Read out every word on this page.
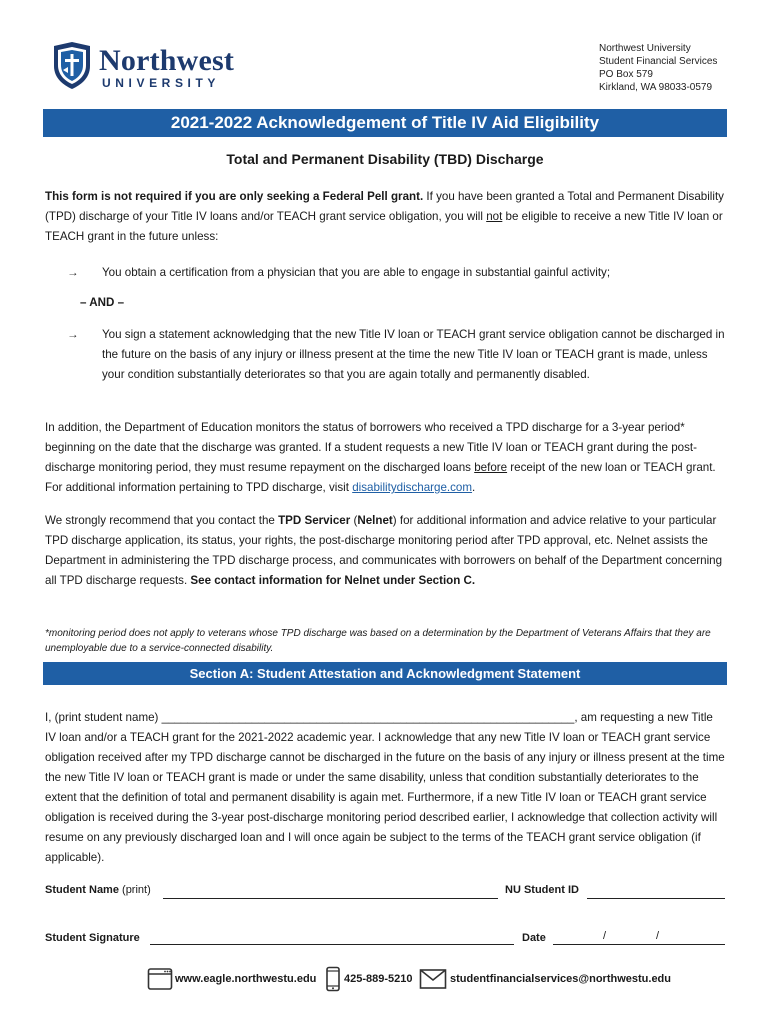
Northwest
UNIVERSITY
Northwest University
Student Financial Services
PO Box 579
Kirkland, WA 98033-0579
2021-2022 Acknowledgement of Title IV Aid Eligibility
Total and Permanent Disability (TBD) Discharge
This form is not required if you are only seeking a Federal Pell grant. If you have been granted a Total and Permanent Disability (TPD) discharge of your Title IV loans and/or TEACH grant service obligation, you will not be eligible to receive a new Title IV loan or TEACH grant in the future unless:
→	You obtain a certification from a physician that you are able to engage in substantial gainful activity;
– AND –
→	You sign a statement acknowledging that the new Title IV loan or TEACH grant service obligation cannot be discharged in the future on the basis of any injury or illness present at the time the new Title IV loan or TEACH grant is made, unless your condition substantially deteriorates so that you are again totally and permanently disabled.
In addition, the Department of Education monitors the status of borrowers who received a TPD discharge for a 3-year period* beginning on the date that the discharge was granted. If a student requests a new Title IV loan or TEACH grant during the post-discharge monitoring period, they must resume repayment on the discharged loans before receipt of the new loan or TEACH grant. For additional information pertaining to TPD discharge, visit disabilitydischarge.com.
We strongly recommend that you contact the TPD Servicer (Nelnet) for additional information and advice relative to your particular TPD discharge application, its status, your rights, the post-discharge monitoring period after TPD approval, etc. Nelnet assists the Department in administering the TPD discharge process, and communicates with borrowers on behalf of the Department concerning all TPD discharge requests. See contact information for Nelnet under Section C.
*monitoring period does not apply to veterans whose TPD discharge was based on a determination by the Department of Veterans Affairs that they are unemployable due to a service-connected disability.
Section A: Student Attestation and Acknowledgment Statement
I, (print student name) ________________________________________________________________, am requesting a new Title IV loan and/or a TEACH grant for the 2021-2022 academic year. I acknowledge that any new Title IV loan or TEACH grant service obligation received after my TPD discharge cannot be discharged in the future on the basis of any injury or illness present at the time the new Title IV loan or TEACH grant is made or under the same disability, unless that condition substantially deteriorates to the extent that the definition of total and permanent disability is again met. Furthermore, if a new Title IV loan or TEACH grant service obligation is received during the 3-year post-discharge monitoring period described earlier, I acknowledge that collection activity will resume on any previously discharged loan and I will once again be subject to the terms of the TEACH grant service obligation (if applicable).
Student Name (print)	NU Student ID
Student Signature	Date	/	/
www.eagle.northwestu.edu	425-889-5210	studentfinancialservices@northwestu.edu
